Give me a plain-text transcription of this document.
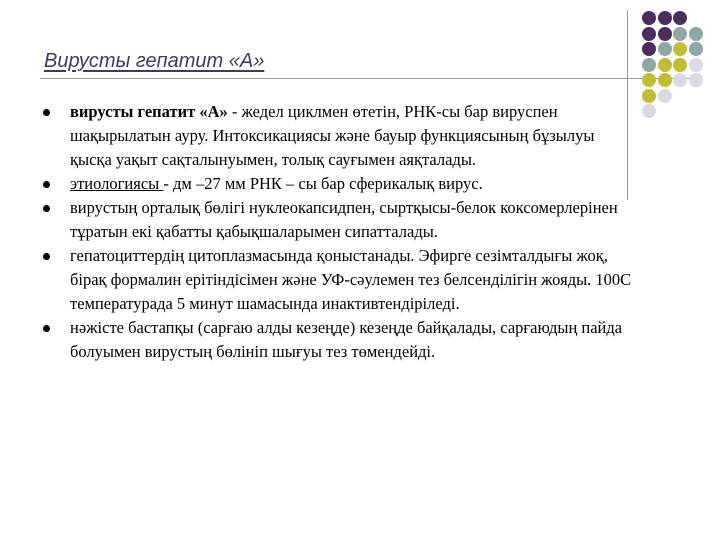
Вирусты гепатит «А»
вирусты гепатит «А» - жедел циклмен өтетін, РНК-сы бар вируспен шақырылатын ауру. Интоксикациясы және бауыр функциясының бұзылуы қысқа уақыт сақталынуымен, толық сауғымен аяқталады.
этиологиясы - дм –27 мм РНК – сы бар сферикалық вирус.
вирустың орталық бөлігі нуклеокапсидпен, сыртқысы-белок коксомерлерінен тұратын екі қабатты қабықшаларымен сипатталады.
гепатоциттердің цитоплазмасында қоныстанады. Эфирге сезімталдығы жоқ, бірақ формалин ерітіндісімен және УФ-сәулемен тез белсенділігін жояды. 100С температурада 5 минут шамасында инактивтендіріледі.
нәжісте бастапқы (сарғаю алды кезеңде) кезеңде байқалады, сарғаюдың пайда болуымен вирустың бөлініп шығуы тез төмендейді.
